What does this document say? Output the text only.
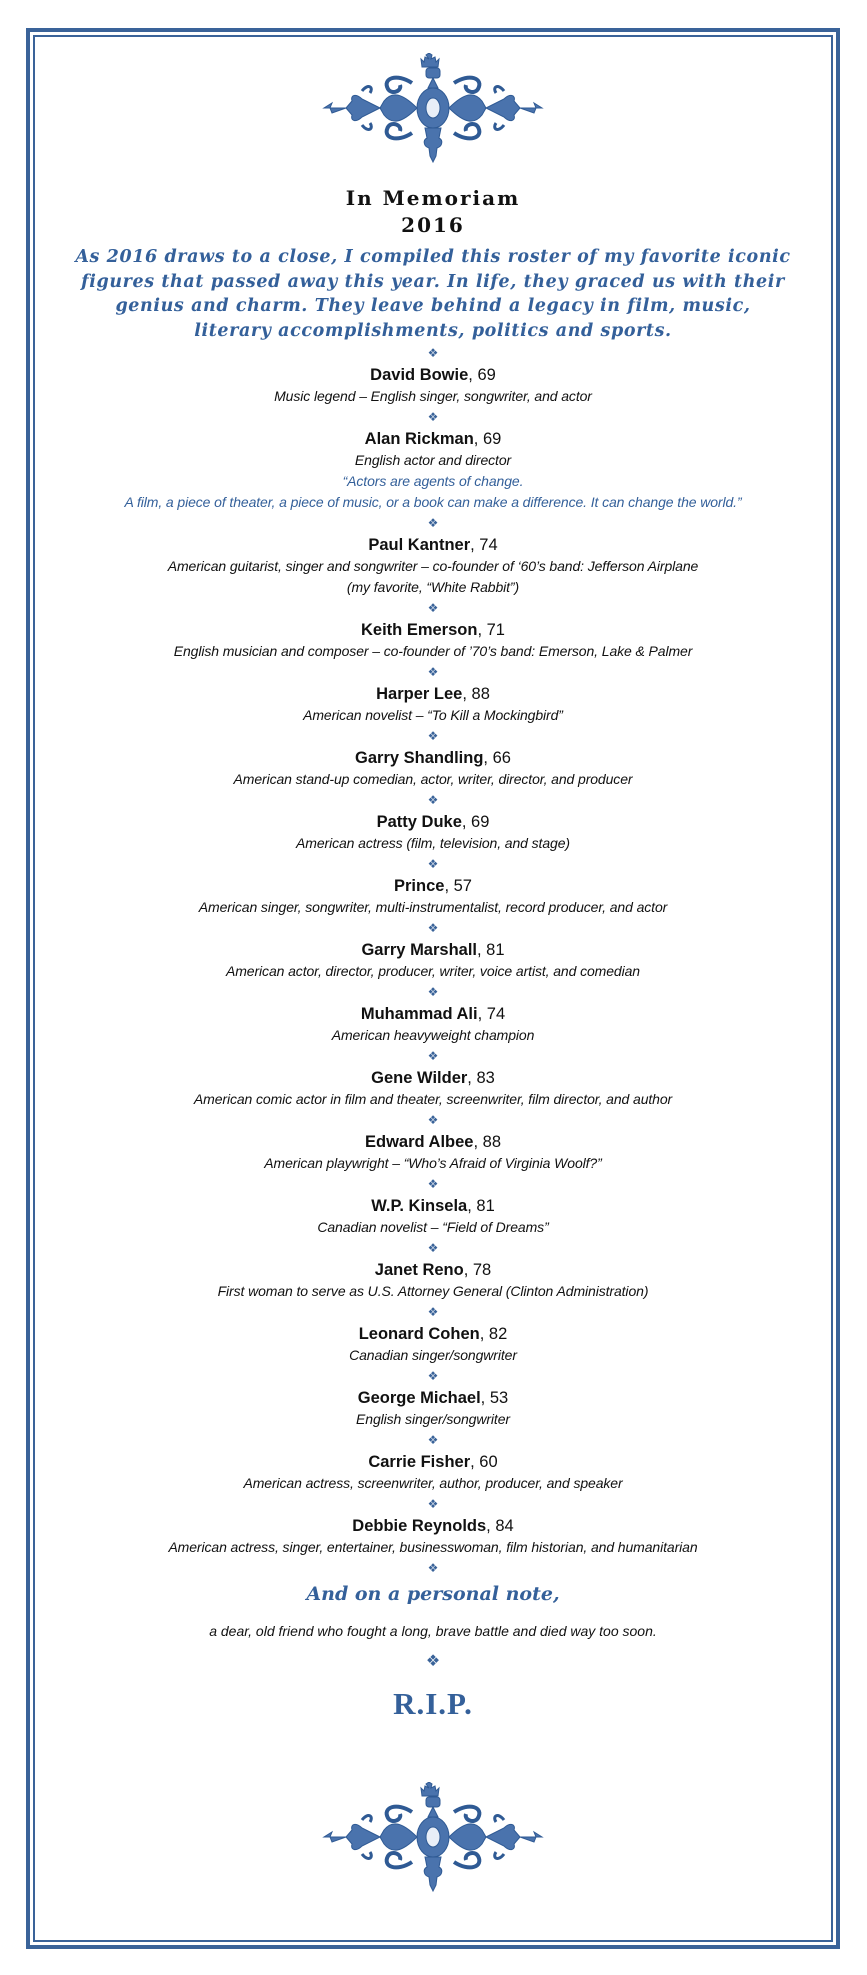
In Memoriam
2016
As 2016 draws to a close, I compiled this roster of my favorite iconic
figures that passed away this year. In life, they graced us with their
genius and charm. They leave behind a legacy in film, music,
literary accomplishments, politics and sports.
❖
David Bowie, 69
Music legend – English singer, songwriter, and actor
❖
Alan Rickman, 69
English actor and director
“Actors are agents of change.
A film, a piece of theater, a piece of music, or a book can make a difference. It can change the world.”
❖
Paul Kantner, 74
American guitarist, singer and songwriter – co-founder of ‘60’s band: Jefferson Airplane
(my favorite, “White Rabbit”)
❖
Keith Emerson, 71
English musician and composer – co-founder of ’70’s band: Emerson, Lake & Palmer
❖
Harper Lee, 88
American novelist – “To Kill a Mockingbird”
❖
Garry Shandling, 66
American stand-up comedian, actor, writer, director, and producer
❖
Patty Duke, 69
American actress (film, television, and stage)
❖
Prince, 57
American singer, songwriter, multi-instrumentalist, record producer, and actor
❖
Garry Marshall, 81
American actor, director, producer, writer, voice artist, and comedian
❖
Muhammad Ali, 74
American heavyweight champion
❖
Gene Wilder, 83
American comic actor in film and theater, screenwriter, film director, and author
❖
Edward Albee, 88
American playwright – “Who’s Afraid of Virginia Woolf?”
❖
W.P. Kinsela, 81
Canadian novelist – “Field of Dreams”
❖
Janet Reno, 78
First woman to serve as U.S. Attorney General (Clinton Administration)
❖
Leonard Cohen, 82
Canadian singer/songwriter
❖
George Michael, 53
English singer/songwriter
❖
Carrie Fisher, 60
American actress, screenwriter, author, producer, and speaker
❖
Debbie Reynolds, 84
American actress, singer, entertainer, businesswoman, film historian, and humanitarian
❖
And on a personal note,
a dear, old friend who fought a long, brave battle and died way too soon.
❖
R.I.P.
